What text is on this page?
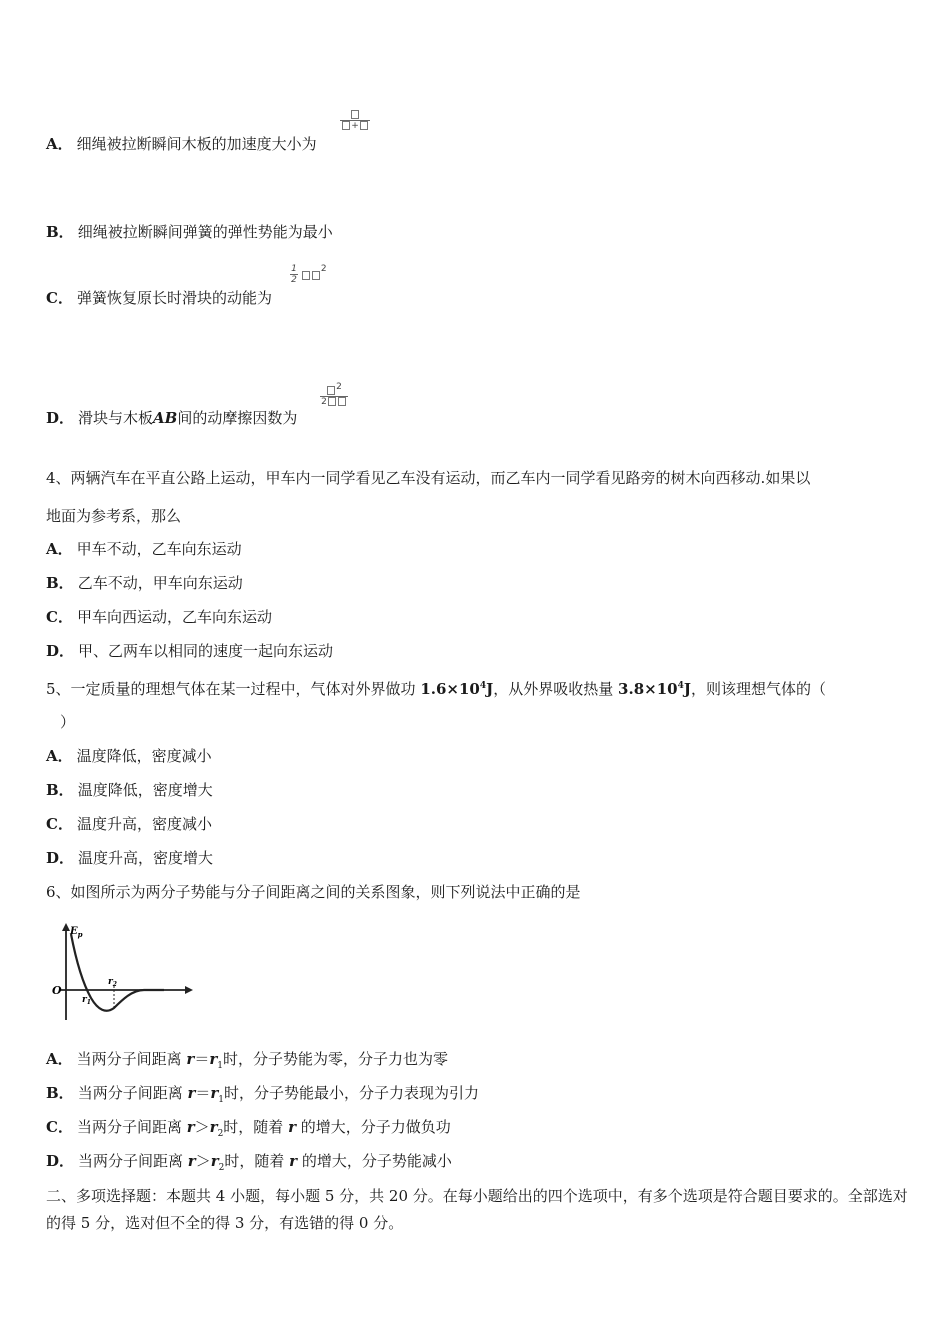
A． 细绳被拉断瞬间木板的加速度大小为
+
B． 细绳被拉断瞬间弹簧的弹性势能为最小
C． 弹簧恢复原长时滑块的动能为
$\frac{1}{2}$	$^2$
D． 滑块与木板AB间的动摩擦因数为
$^2$
2
4、两辆汽车在平直公路上运动，甲车内一同学看见乙车没有运动，而乙车内一同学看见路旁的树木向西移动.如果以
地面为参考系，那么
A． 甲车不动，乙车向东运动
B． 乙车不动，甲车向东运动
C． 甲车向西运动，乙车向东运动
D． 甲、乙两车以相同的速度一起向东运动
5、一定质量的理想气体在某一过程中，气体对外界做功 $1.6\times 10^4J$，从外界吸收热量 $3.8\times 10^4J$，则该理想气体的（
）
A． 温度降低，密度减小
B． 温度降低，密度增大
C． 温度升高，密度减小
D． 温度升高，密度增大
6、如图所示为两分子势能与分子间距离之间的关系图象，则下列说法中正确的是
$E_p$
O
$r_1$
$r_2$
A． 当两分子间距离 $r=r_1$时，分子势能为零，分子力也为零
B． 当两分子间距离 $r=r_1$时，分子势能最小，分子力表现为引力
C． 当两分子间距离 $r>r_2$时，随着 r 的增大，分子力做负功
D． 当两分子间距离 $r>r_2$时，随着 r 的增大，分子势能减小
二、多项选择题：本题共 4 小题，每小题 5 分，共 20 分。在每小题给出的四个选项中，有多个选项是符合题目要求的。全部选对的得 5 分，选对但不全的得 3 分，有选错的得 0 分。
